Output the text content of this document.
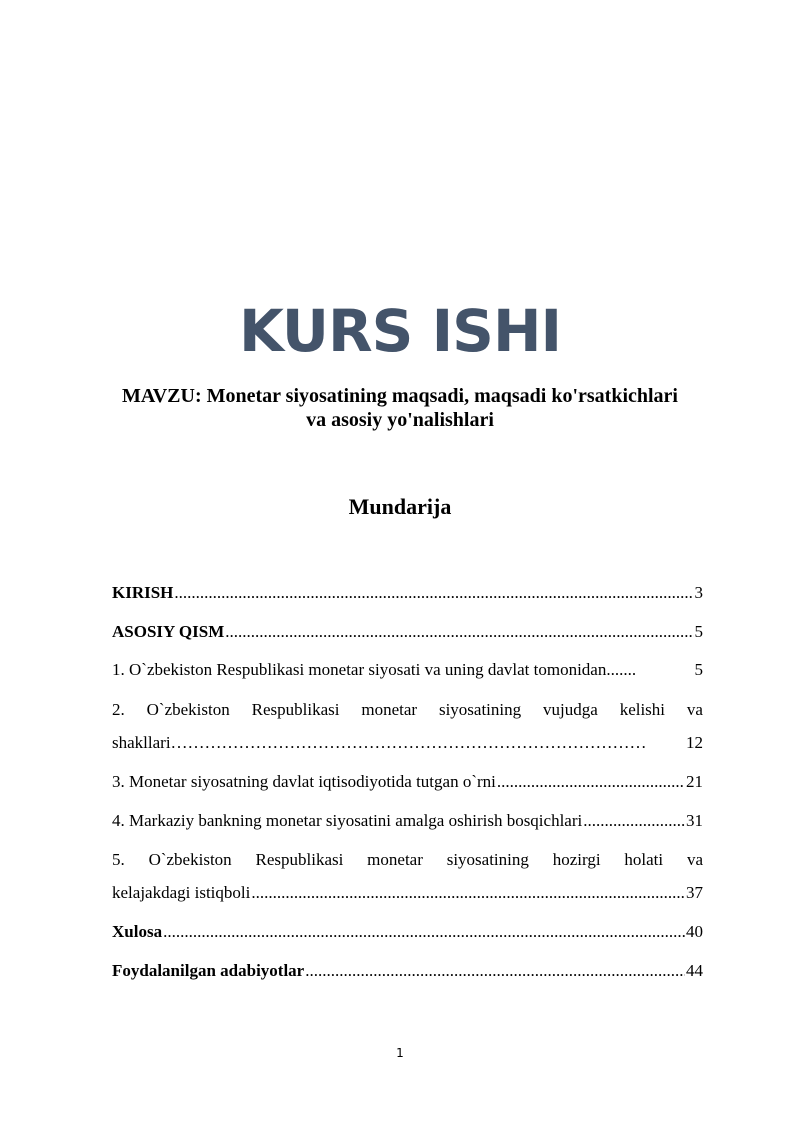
KURS ISHI
MAVZU: Monetar siyosatining maqsadi, maqsadi ko'rsatkichlari
va asosiy yo'nalishlari
Mundarija
KIRISH .....	3
ASOSIY QISM .....	5
1. O`zbekiston Respublikasi monetar siyosati va uning davlat tomonidan .......	5
2. O`zbekiston Respublikasi monetar siyosatining vujudga kelishi va
shakllari …………………………………………………………………………	12
3. Monetar siyosatning davlat iqtisodiyotida tutgan o`rni .....	21
4. Markaziy bankning monetar siyosatini amalga oshirish bosqichlari .....	31
5. O`zbekiston Respublikasi monetar siyosatining hozirgi holati va
kelajakdagi istiqboli .....	37
Xulosa .....	40
Foydalanilgan adabiyotlar .....	44
1
